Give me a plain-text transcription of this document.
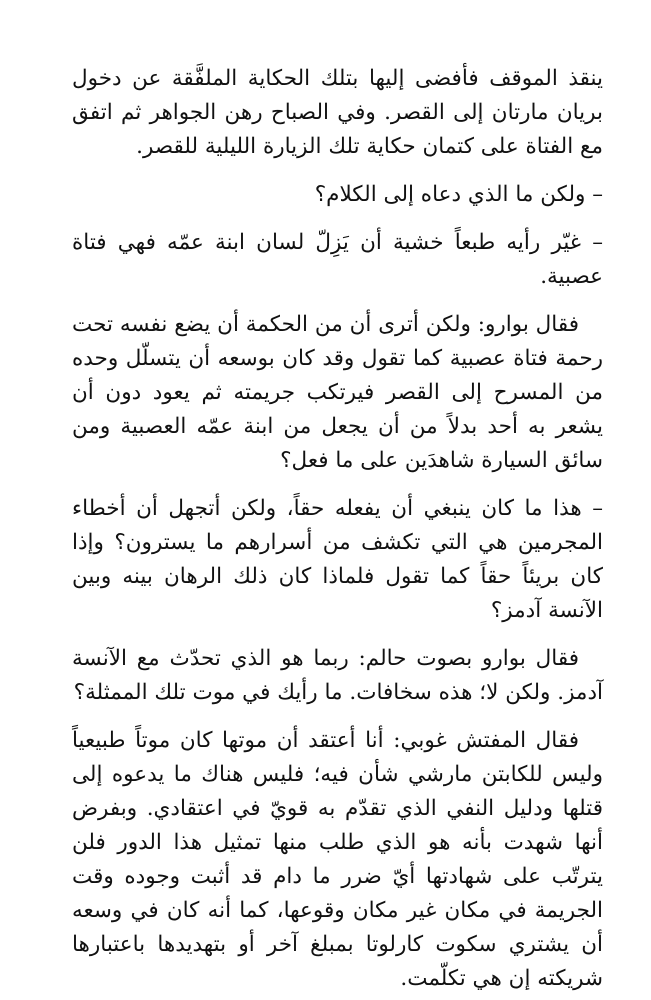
ينقذ الموقف فأفضى إليها بتلك الحكاية الملفَّقة عن دخول بريان مارتان إلى القصر. وفي الصباح رهن الجواهر ثم اتفق مع الفتاة على كتمان حكاية تلك الزيارة الليلية للقصر.

– ولكن ما الذي دعاه إلى الكلام؟

– غيّر رأيه طبعاً خشية أن يَزِلّ لسان ابنة عمّه فهي فتاة عصبية.

فقال بوارو: ولكن أترى أن من الحكمة أن يضع نفسه تحت رحمة فتاة عصبية كما تقول وقد كان بوسعه أن يتسلّل وحده من المسرح إلى القصر فيرتكب جريمته ثم يعود دون أن يشعر به أحد بدلاً من أن يجعل من ابنة عمّه العصبية ومن سائق السيارة شاهدَين على ما فعل؟

– هذا ما كان ينبغي أن يفعله حقاً، ولكن أتجهل أن أخطاء المجرمين هي التي تكشف من أسرارهم ما يسترون؟ وإذا كان بريئاً حقاً كما تقول فلماذا كان ذلك الرهان بينه وبين الآنسة آدمز؟

فقال بوارو بصوت حالم: ربما هو الذي تحدّث مع الآنسة آدمز. ولكن لا؛ هذه سخافات. ما رأيك في موت تلك الممثلة؟

فقال المفتش غوبي: أنا أعتقد أن موتها كان موتاً طبيعياً وليس للكابتن مارشي شأن فيه؛ فليس هناك ما يدعوه إلى قتلها ودليل النفي الذي تقدّم به قويّ في اعتقادي. وبفرض أنها شهدت بأنه هو الذي طلب منها تمثيل هذا الدور فلن يترتّب على شهادتها أيّ ضرر ما دام قد أثبت وجوده وقت الجريمة في مكان غير مكان وقوعها، كما أنه كان في وسعه أن يشتري سكوت كارلوتا بمبلغ آخر أو بتهديدها باعتبارها شريكته إن هي تكلّمت.
